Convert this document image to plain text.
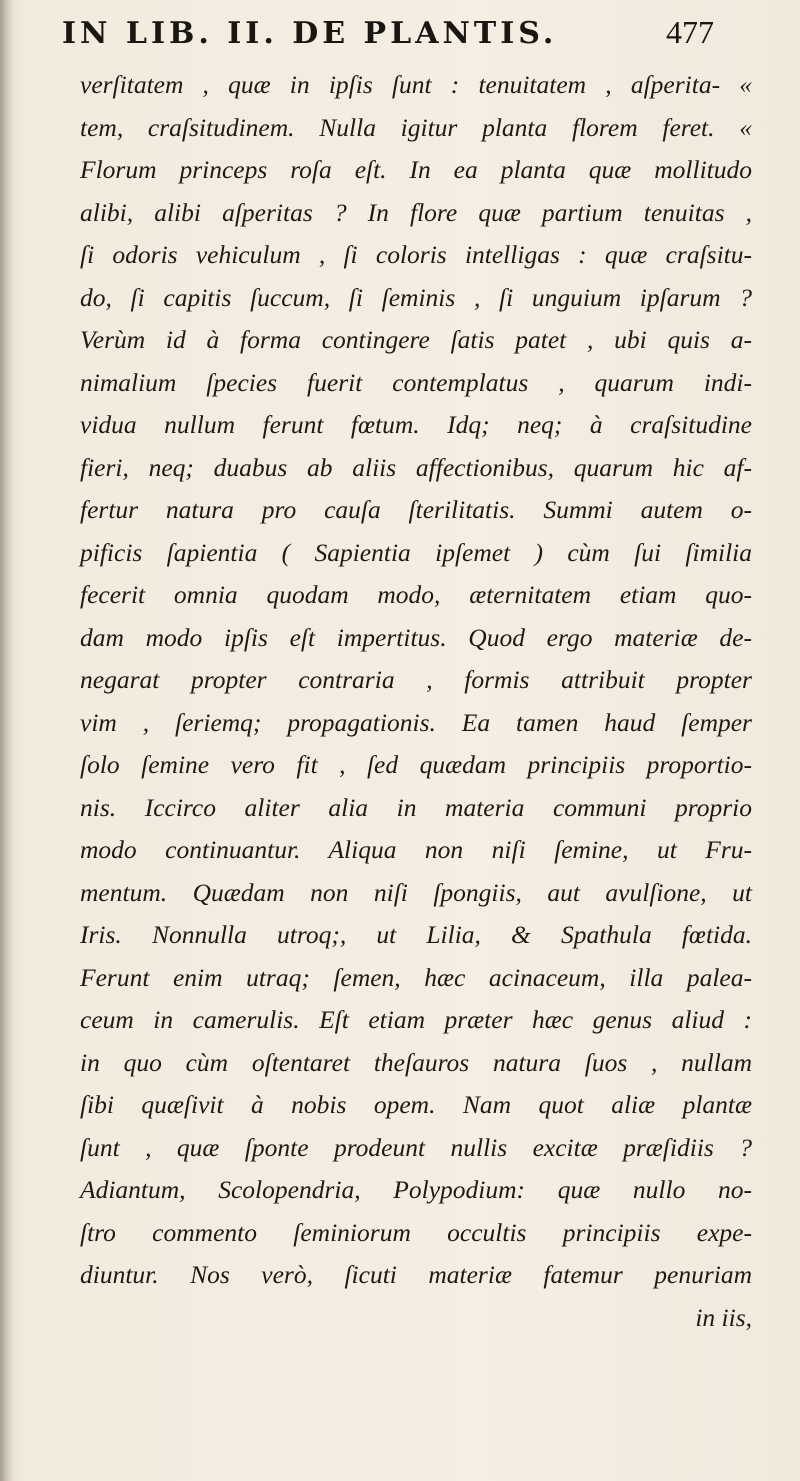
IN LIB. II. DE PLANTIS.	477
verſitatem , quæ in ipſis ſunt : tenuitatem , aſperita- «
tem, craſsitudinem. Nulla igitur planta florem feret. «
Florum princeps roſa eſt. In ea planta quæ mollitudo
alibi, alibi aſperitas ? In flore quæ partium tenuitas ,
ſi odoris vehiculum , ſi coloris intelligas : quæ craſsitu-
do, ſi capitis ſuccum, ſi ſeminis , ſi unguium ipſarum ?
Verùm id à forma contingere ſatis patet , ubi quis a-
nimalium ſpecies fuerit contemplatus , quarum indi-
vidua nullum ferunt fœtum. Idq; neq; à craſsitudine
fieri, neq; duabus ab aliis affectionibus, quarum hic af-
fertur natura pro cauſa ſterilitatis. Summi autem o-
pificis ſapientia ( Sapientia ipſemet ) cùm ſui ſimilia
fecerit omnia quodam modo, æternitatem etiam quo-
dam modo ipſis eſt impertitus. Quod ergo materiæ de-
negarat propter contraria , formis attribuit propter
vim , ſeriemq; propagationis. Ea tamen haud ſemper
ſolo ſemine vero fit , ſed quædam principiis proportio-
nis. Iccirco aliter alia in materia communi proprio
modo continuantur. Aliqua non niſi ſemine, ut Fru-
mentum. Quædam non niſi ſpongiis, aut avulſione, ut
Iris. Nonnulla utroq;, ut Lilia, & Spathula fœtida.
Ferunt enim utraq; ſemen, hæc acinaceum, illa palea-
ceum in camerulis. Eſt etiam præter hæc genus aliud :
in quo cùm oſtentaret theſauros natura ſuos , nullam
ſibi quæſivit à nobis opem. Nam quot aliæ plantæ
ſunt , quæ ſponte prodeunt nullis excitæ præſidiis ?
Adiantum, Scolopendria, Polypodium: quæ nullo no-
ſtro commento ſeminiorum occultis principiis expe-
diuntur. Nos verò, ſicuti materiæ fatemur penuriam
in iis,
